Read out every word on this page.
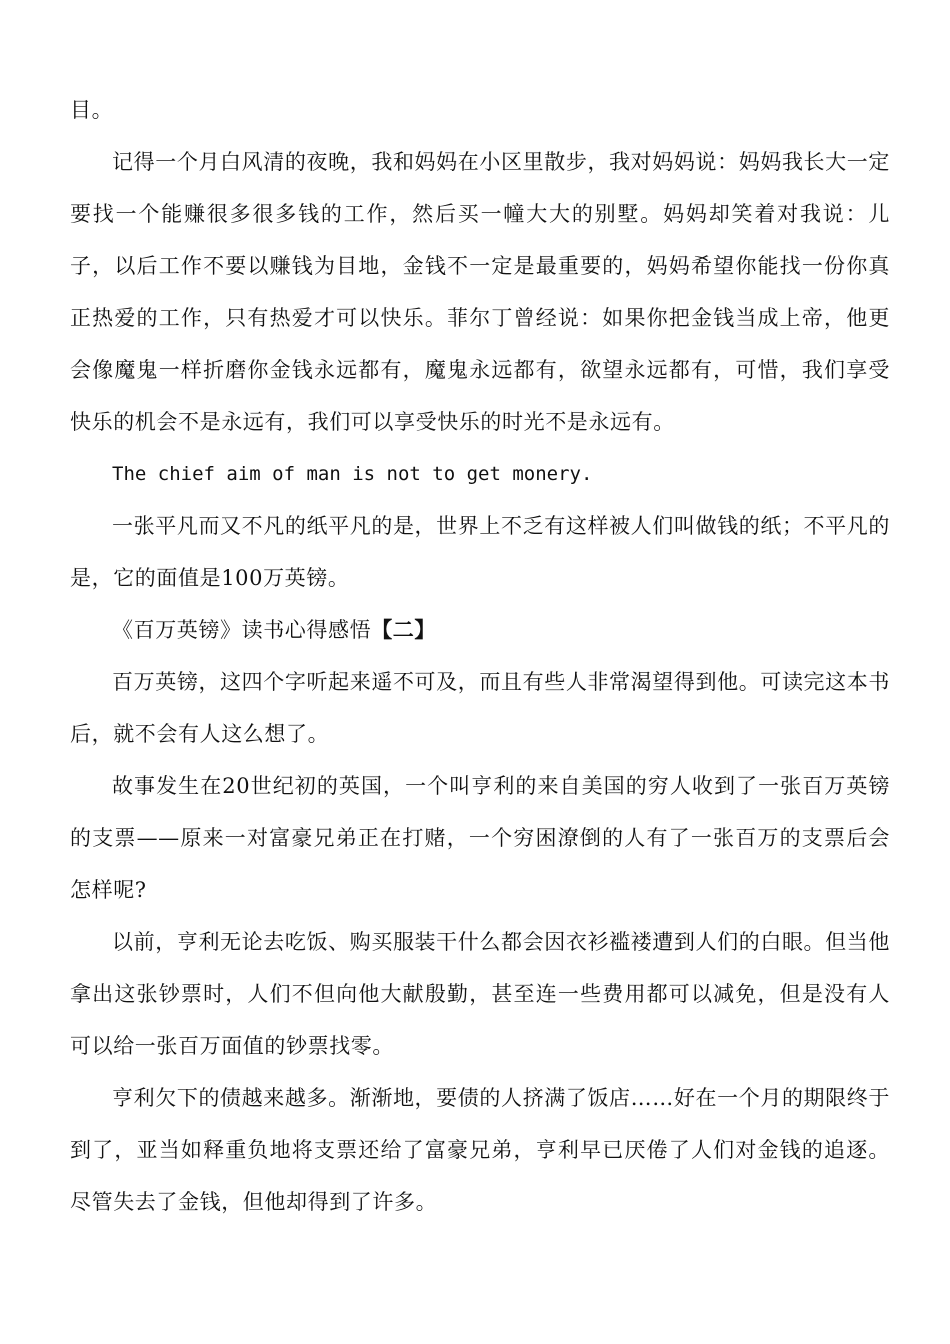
目。

记得一个月白风清的夜晚，我和妈妈在小区里散步，我对妈妈说：妈妈我长大一定要找一个能赚很多很多钱的工作，然后买一幢大大的别墅。妈妈却笑着对我说：儿子，以后工作不要以赚钱为目地，金钱不一定是最重要的，妈妈希望你能找一份你真正热爱的工作，只有热爱才可以快乐。菲尔丁曾经说：如果你把金钱当成上帝，他更会像魔鬼一样折磨你金钱永远都有，魔鬼永远都有，欲望永远都有，可惜，我们享受快乐的机会不是永远有，我们可以享受快乐的时光不是永远有。

The chief aim of man is not to get monery.

一张平凡而又不凡的纸平凡的是，世界上不乏有这样被人们叫做钱的纸；不平凡的是，它的面值是100万英镑。

《百万英镑》读书心得感悟【二】

百万英镑，这四个字听起来遥不可及，而且有些人非常渴望得到他。可读完这本书后，就不会有人这么想了。

故事发生在20世纪初的英国，一个叫亨利的来自美国的穷人收到了一张百万英镑的支票——原来一对富豪兄弟正在打赌，一个穷困潦倒的人有了一张百万的支票后会怎样呢?

以前，亨利无论去吃饭、购买服装干什么都会因衣衫褴褛遭到人们的白眼。但当他拿出这张钞票时，人们不但向他大献殷勤，甚至连一些费用都可以减免，但是没有人可以给一张百万面值的钞票找零。

亨利欠下的债越来越多。渐渐地，要债的人挤满了饭店……好在一个月的期限终于到了，亚当如释重负地将支票还给了富豪兄弟，亨利早已厌倦了人们对金钱的追逐。尽管失去了金钱，但他却得到了许多。
